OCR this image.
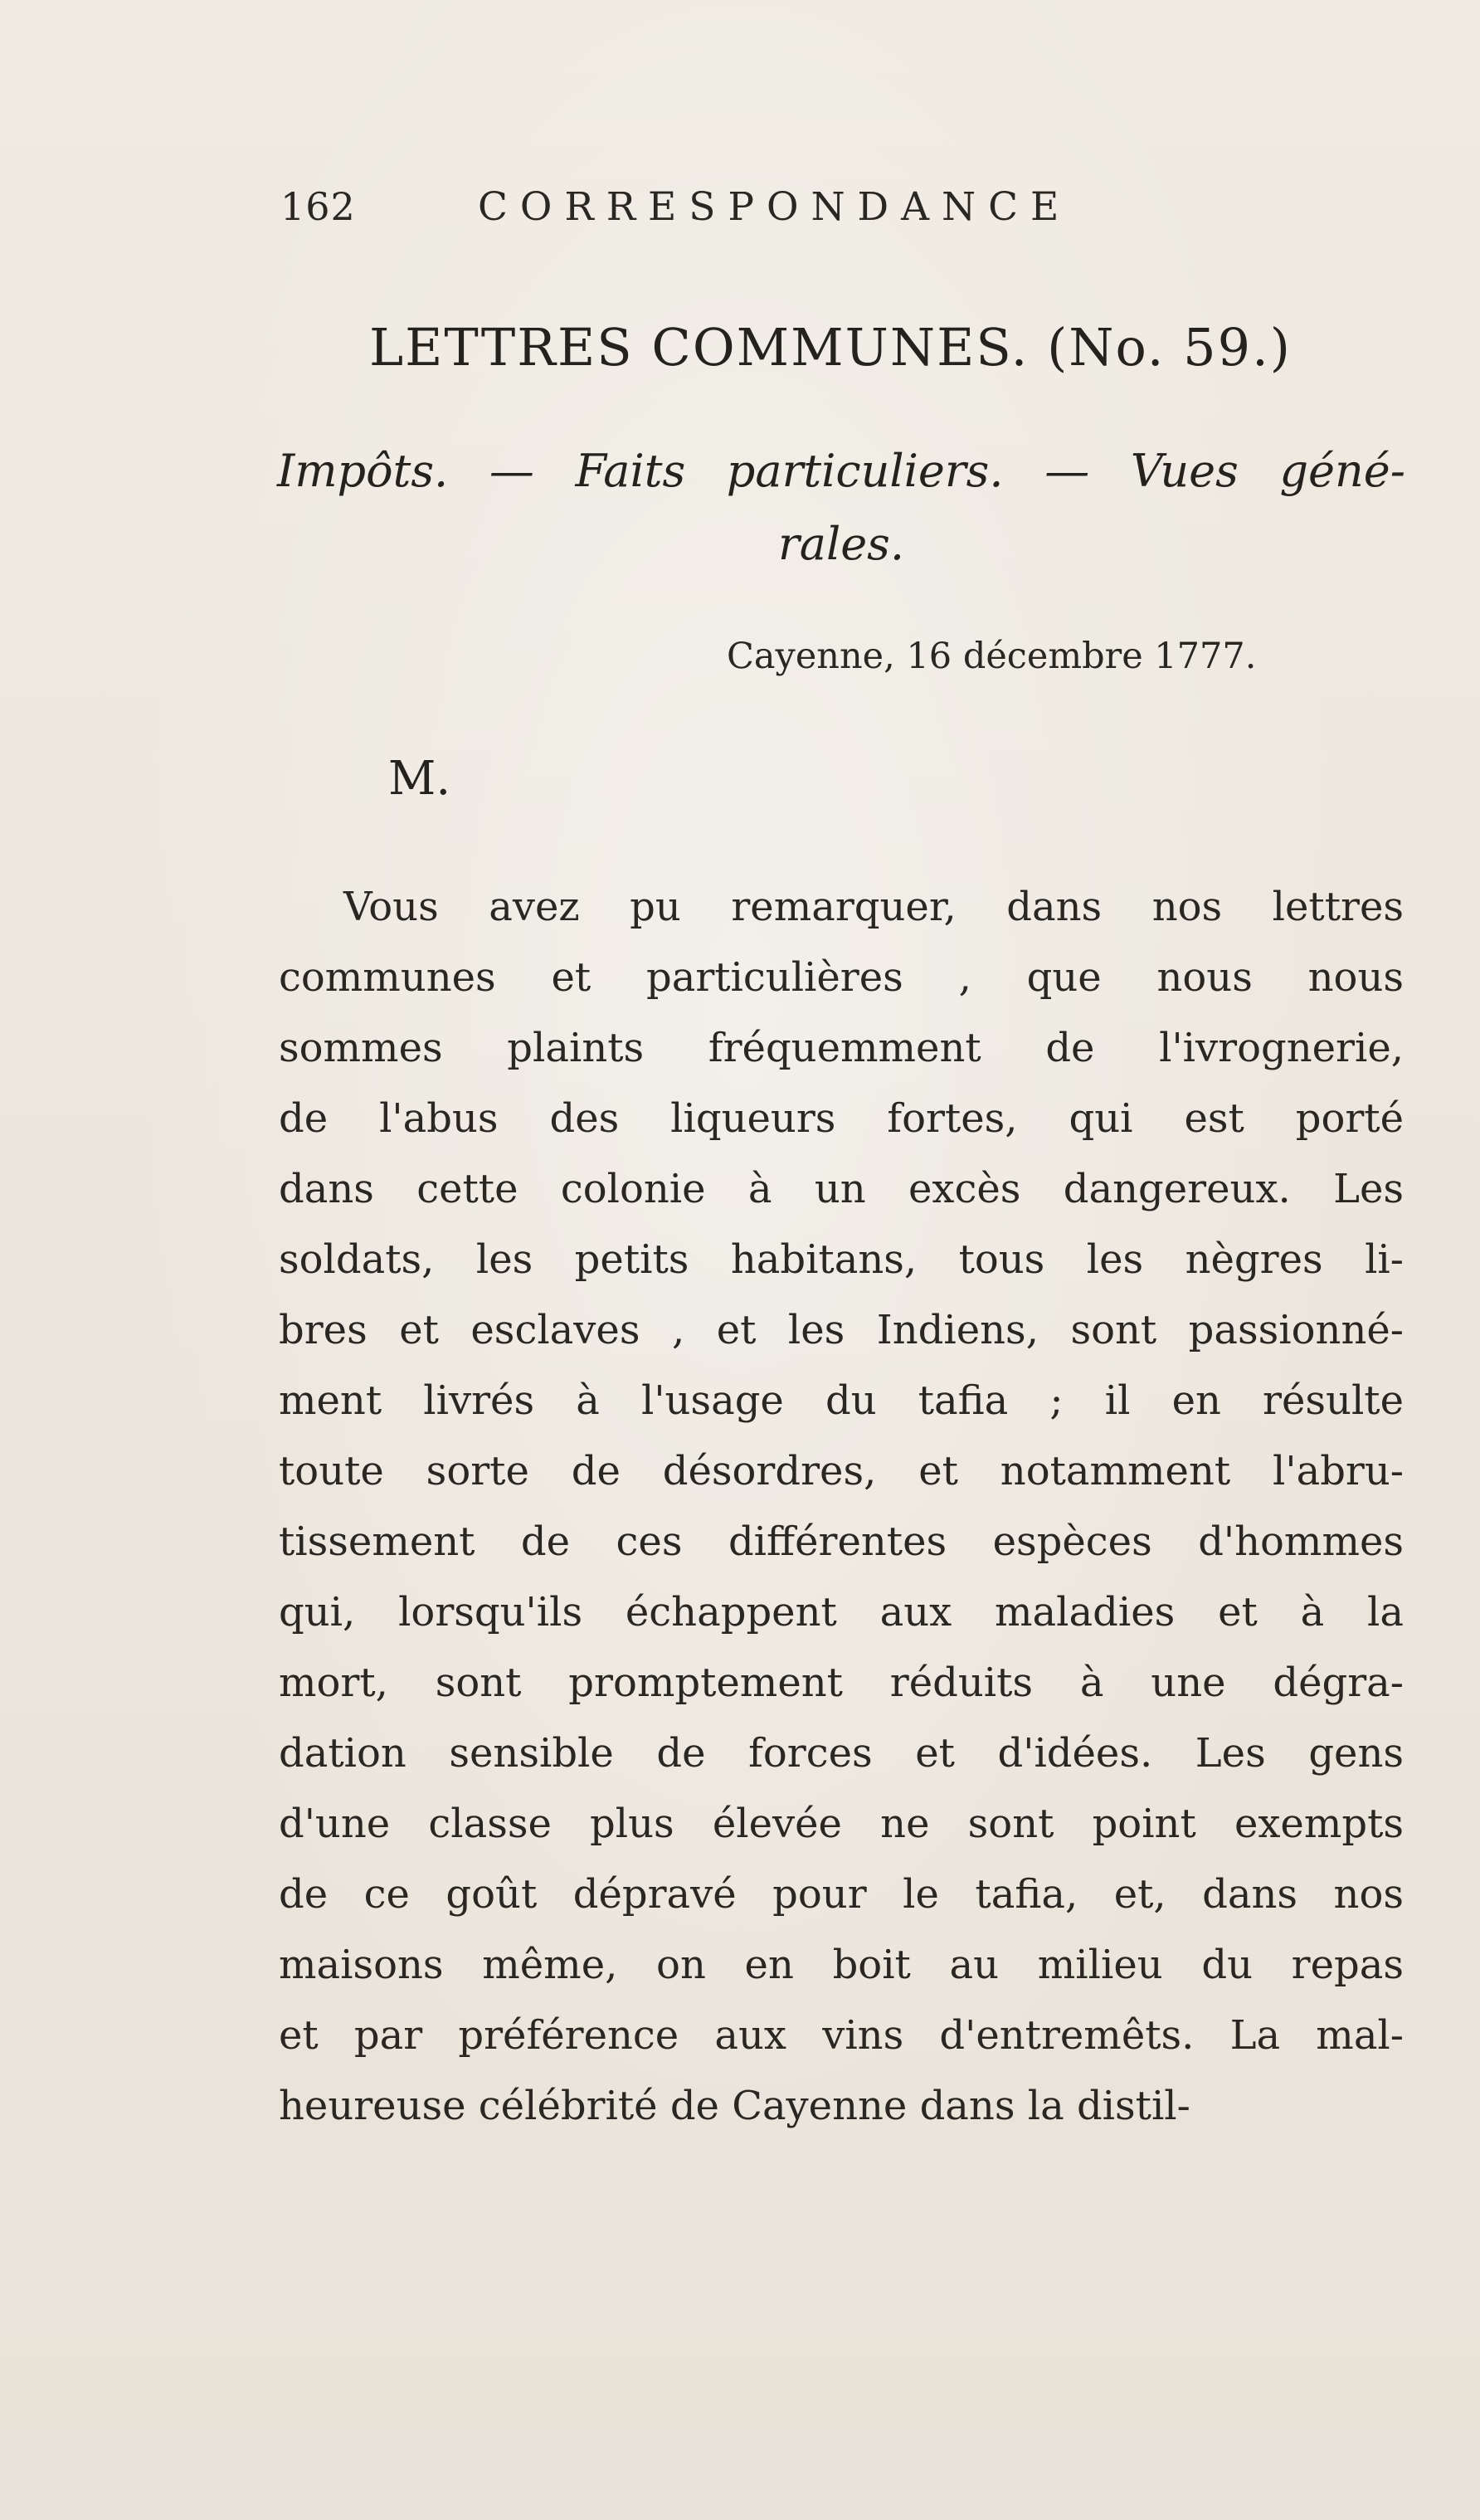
162	C O R R E S P O N D A N C E
LETTRES COMMUNES. (No. 59.)
Impôts. — Faits particuliers. — Vues géné-
rales.
Cayenne, 16 décembre 1777.
M.
Vous avez pu remarquer, dans nos lettres
communes et particulières , que nous nous
sommes plaints fréquemment de l'ivrognerie,
de l'abus des liqueurs fortes, qui est porté
dans cette colonie à un excès dangereux. Les
soldats, les petits habitans, tous les nègres li-
bres et esclaves , et les Indiens, sont passionné-
ment livrés à l'usage du tafia ; il en résulte
toute sorte de désordres, et notamment l'abru-
tissement de ces différentes espèces d'hommes
qui, lorsqu'ils échappent aux maladies et à la
mort, sont promptement réduits à une dégra-
dation sensible de forces et d'idées. Les gens
d'une classe plus élevée ne sont point exempts
de ce goût dépravé pour le tafia, et, dans nos
maisons même, on en boit au milieu du repas
et par préférence aux vins d'entremêts. La mal-
heureuse célébrité de Cayenne dans la distil-
